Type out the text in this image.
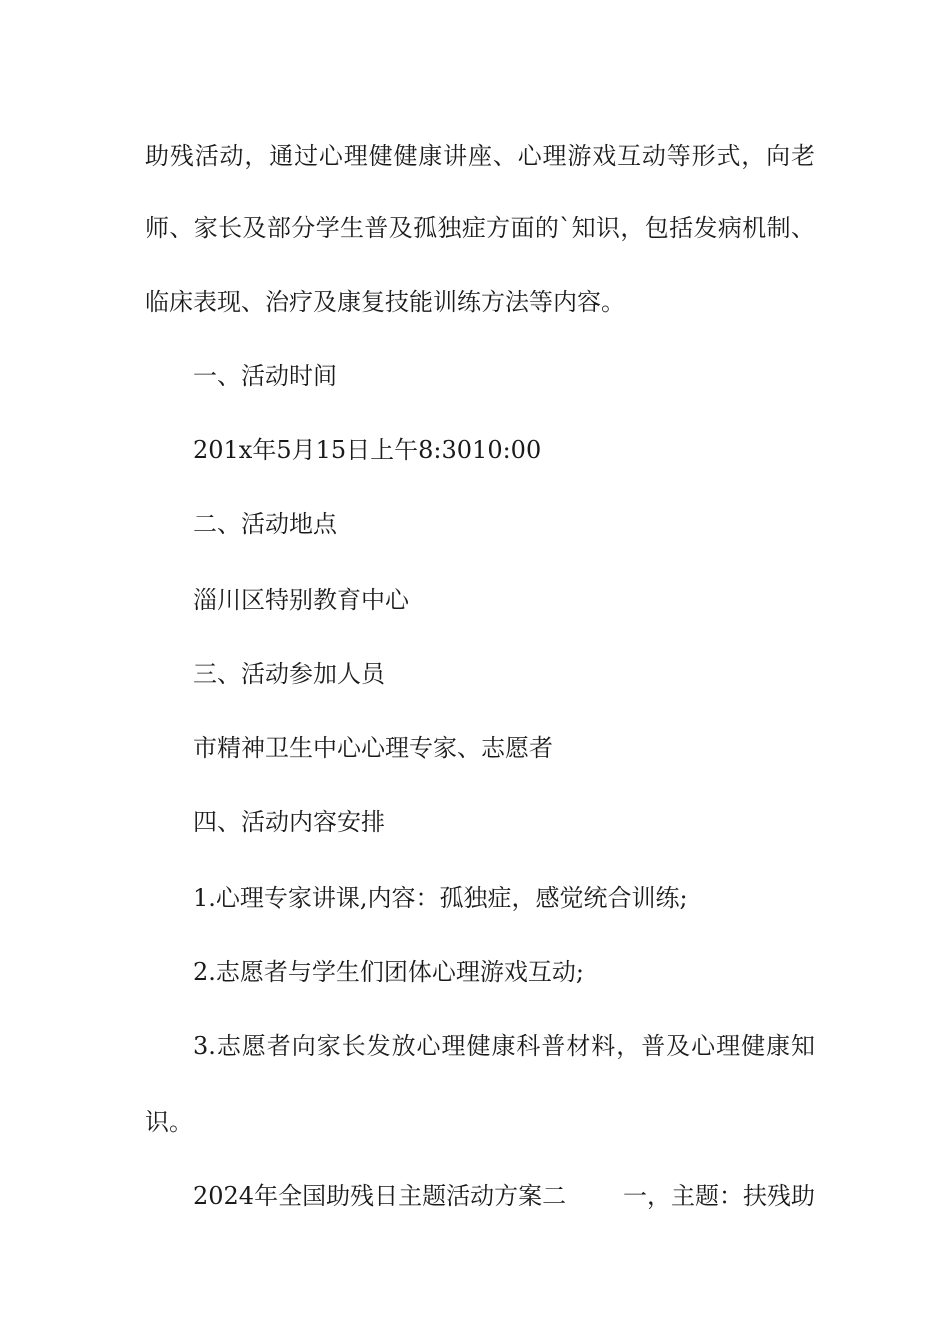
助残活动，通过心理健健康讲座、心理游戏互动等形式，向老
师、家长及部分学生普及孤独症方面的`知识，包括发病机制、
临床表现、治疗及康复技能训练方法等内容。
一、活动时间
201x年5月15日上午8:3010:00
二、活动地点
淄川区特别教育中心
三、活动参加人员
市精神卫生中心心理专家、志愿者
四、活动内容安排
1.心理专家讲课,内容：孤独症，感觉统合训练;
2.志愿者与学生们团体心理游戏互动;
3.志愿者向家长发放心理健康科普材料，普及心理健康知
识。
2024年全国助残日主题活动方案二 一，主题：扶残助
